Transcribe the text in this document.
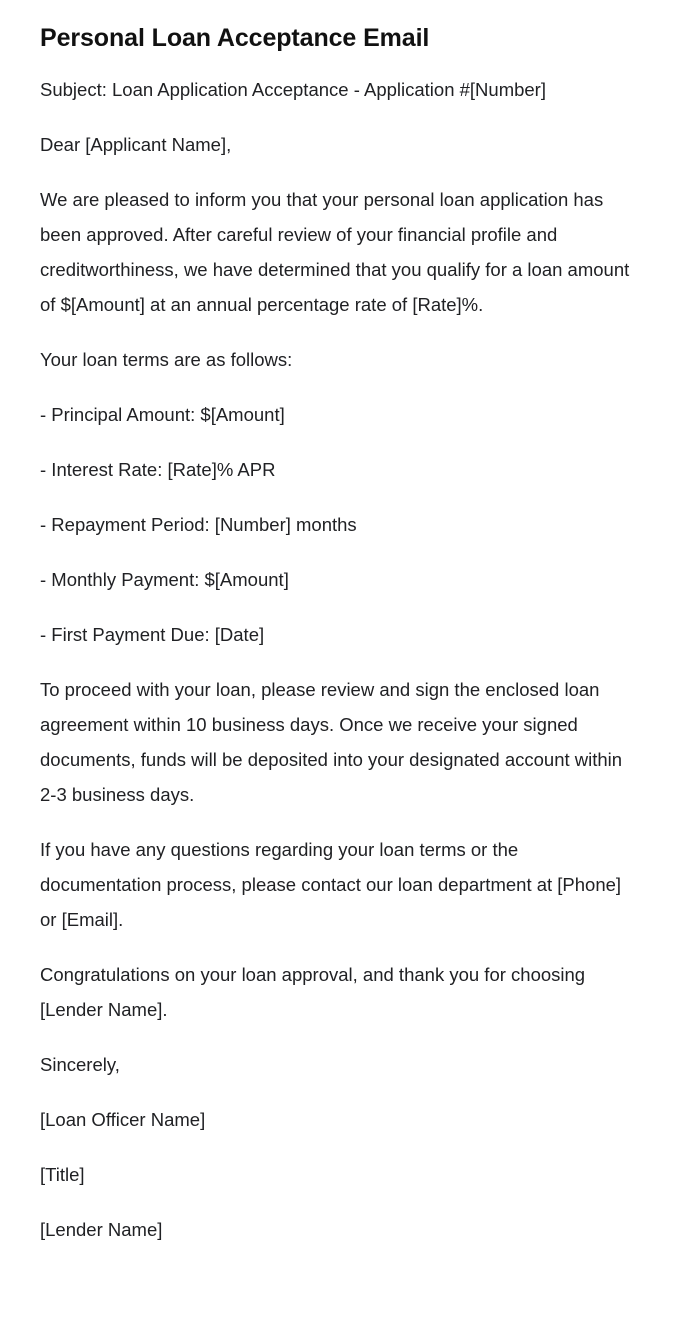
Personal Loan Acceptance Email

Subject: Loan Application Acceptance - Application #[Number]

Dear [Applicant Name],

We are pleased to inform you that your personal loan application has been approved. After careful review of your financial profile and creditworthiness, we have determined that you qualify for a loan amount of $[Amount] at an annual percentage rate of [Rate]%.

Your loan terms are as follows:

- Principal Amount: $[Amount]

- Interest Rate: [Rate]% APR

- Repayment Period: [Number] months

- Monthly Payment: $[Amount]

- First Payment Due: [Date]

To proceed with your loan, please review and sign the enclosed loan agreement within 10 business days. Once we receive your signed documents, funds will be deposited into your designated account within 2-3 business days.

If you have any questions regarding your loan terms or the documentation process, please contact our loan department at [Phone] or [Email].

Congratulations on your loan approval, and thank you for choosing [Lender Name].

Sincerely,

[Loan Officer Name]

[Title]

[Lender Name]
